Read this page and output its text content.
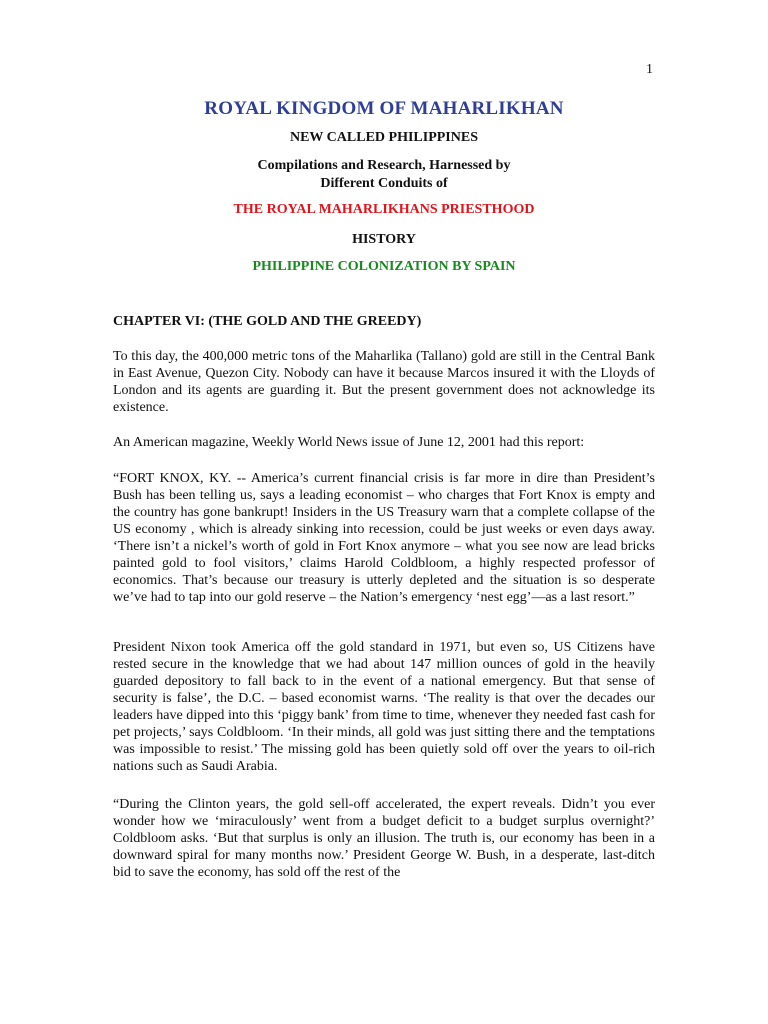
1
ROYAL KINGDOM OF MAHARLIKHAN
NEW CALLED PHILIPPINES
Compilations and Research, Harnessed by
Different Conduits of
THE ROYAL MAHARLIKHANS PRIESTHOOD
HISTORY
PHILIPPINE COLONIZATION BY SPAIN
CHAPTER VI: (THE GOLD AND THE GREEDY)
To this day, the 400,000 metric tons of the Maharlika (Tallano) gold are still in the Central Bank in East Avenue, Quezon City. Nobody can have it because Marcos insured it with the Lloyds of London and its agents are guarding it. But the present government does not acknowledge its existence.
An American magazine, Weekly World News issue of June 12, 2001 had this report:
“FORT KNOX, KY. -- America’s current financial crisis is far more in dire than President’s Bush has been telling us, says a leading economist – who charges that Fort Knox is empty and the country has gone bankrupt! Insiders in the US Treasury warn that a complete collapse of the US economy , which is already sinking into recession, could be just weeks or even days away. ‘There isn’t a nickel’s worth of gold in Fort Knox anymore – what you see now are lead bricks painted gold to fool visitors,’ claims Harold Coldbloom, a highly respected professor of economics. That’s because our treasury is utterly depleted and the situation is so desperate we’ve had to tap into our gold reserve – the Nation’s emergency ‘nest egg’—as a last resort.”
President Nixon took America off the gold standard in 1971, but even so, US Citizens have rested secure in the knowledge that we had about 147 million ounces of gold in the heavily guarded depository to fall back to in the event of a national emergency. But that sense of security is false’, the D.C. – based economist warns. ‘The reality is that over the decades our leaders have dipped into this ‘piggy bank’ from time to time, whenever they needed fast cash for pet projects,’ says Coldbloom. ‘In their minds, all gold was just sitting there and the temptations was impossible to resist.’ The missing gold has been quietly sold off over the years to oil-rich nations such as Saudi Arabia.
“During the Clinton years, the gold sell-off accelerated, the expert reveals. Didn’t you ever wonder how we ‘miraculously’ went from a budget deficit to a budget surplus overnight?’ Coldbloom asks. ‘But that surplus is only an illusion. The truth is, our economy has been in a downward spiral for many months now.’ President George W. Bush, in a desperate, last-ditch bid to save the economy, has sold off the rest of the
